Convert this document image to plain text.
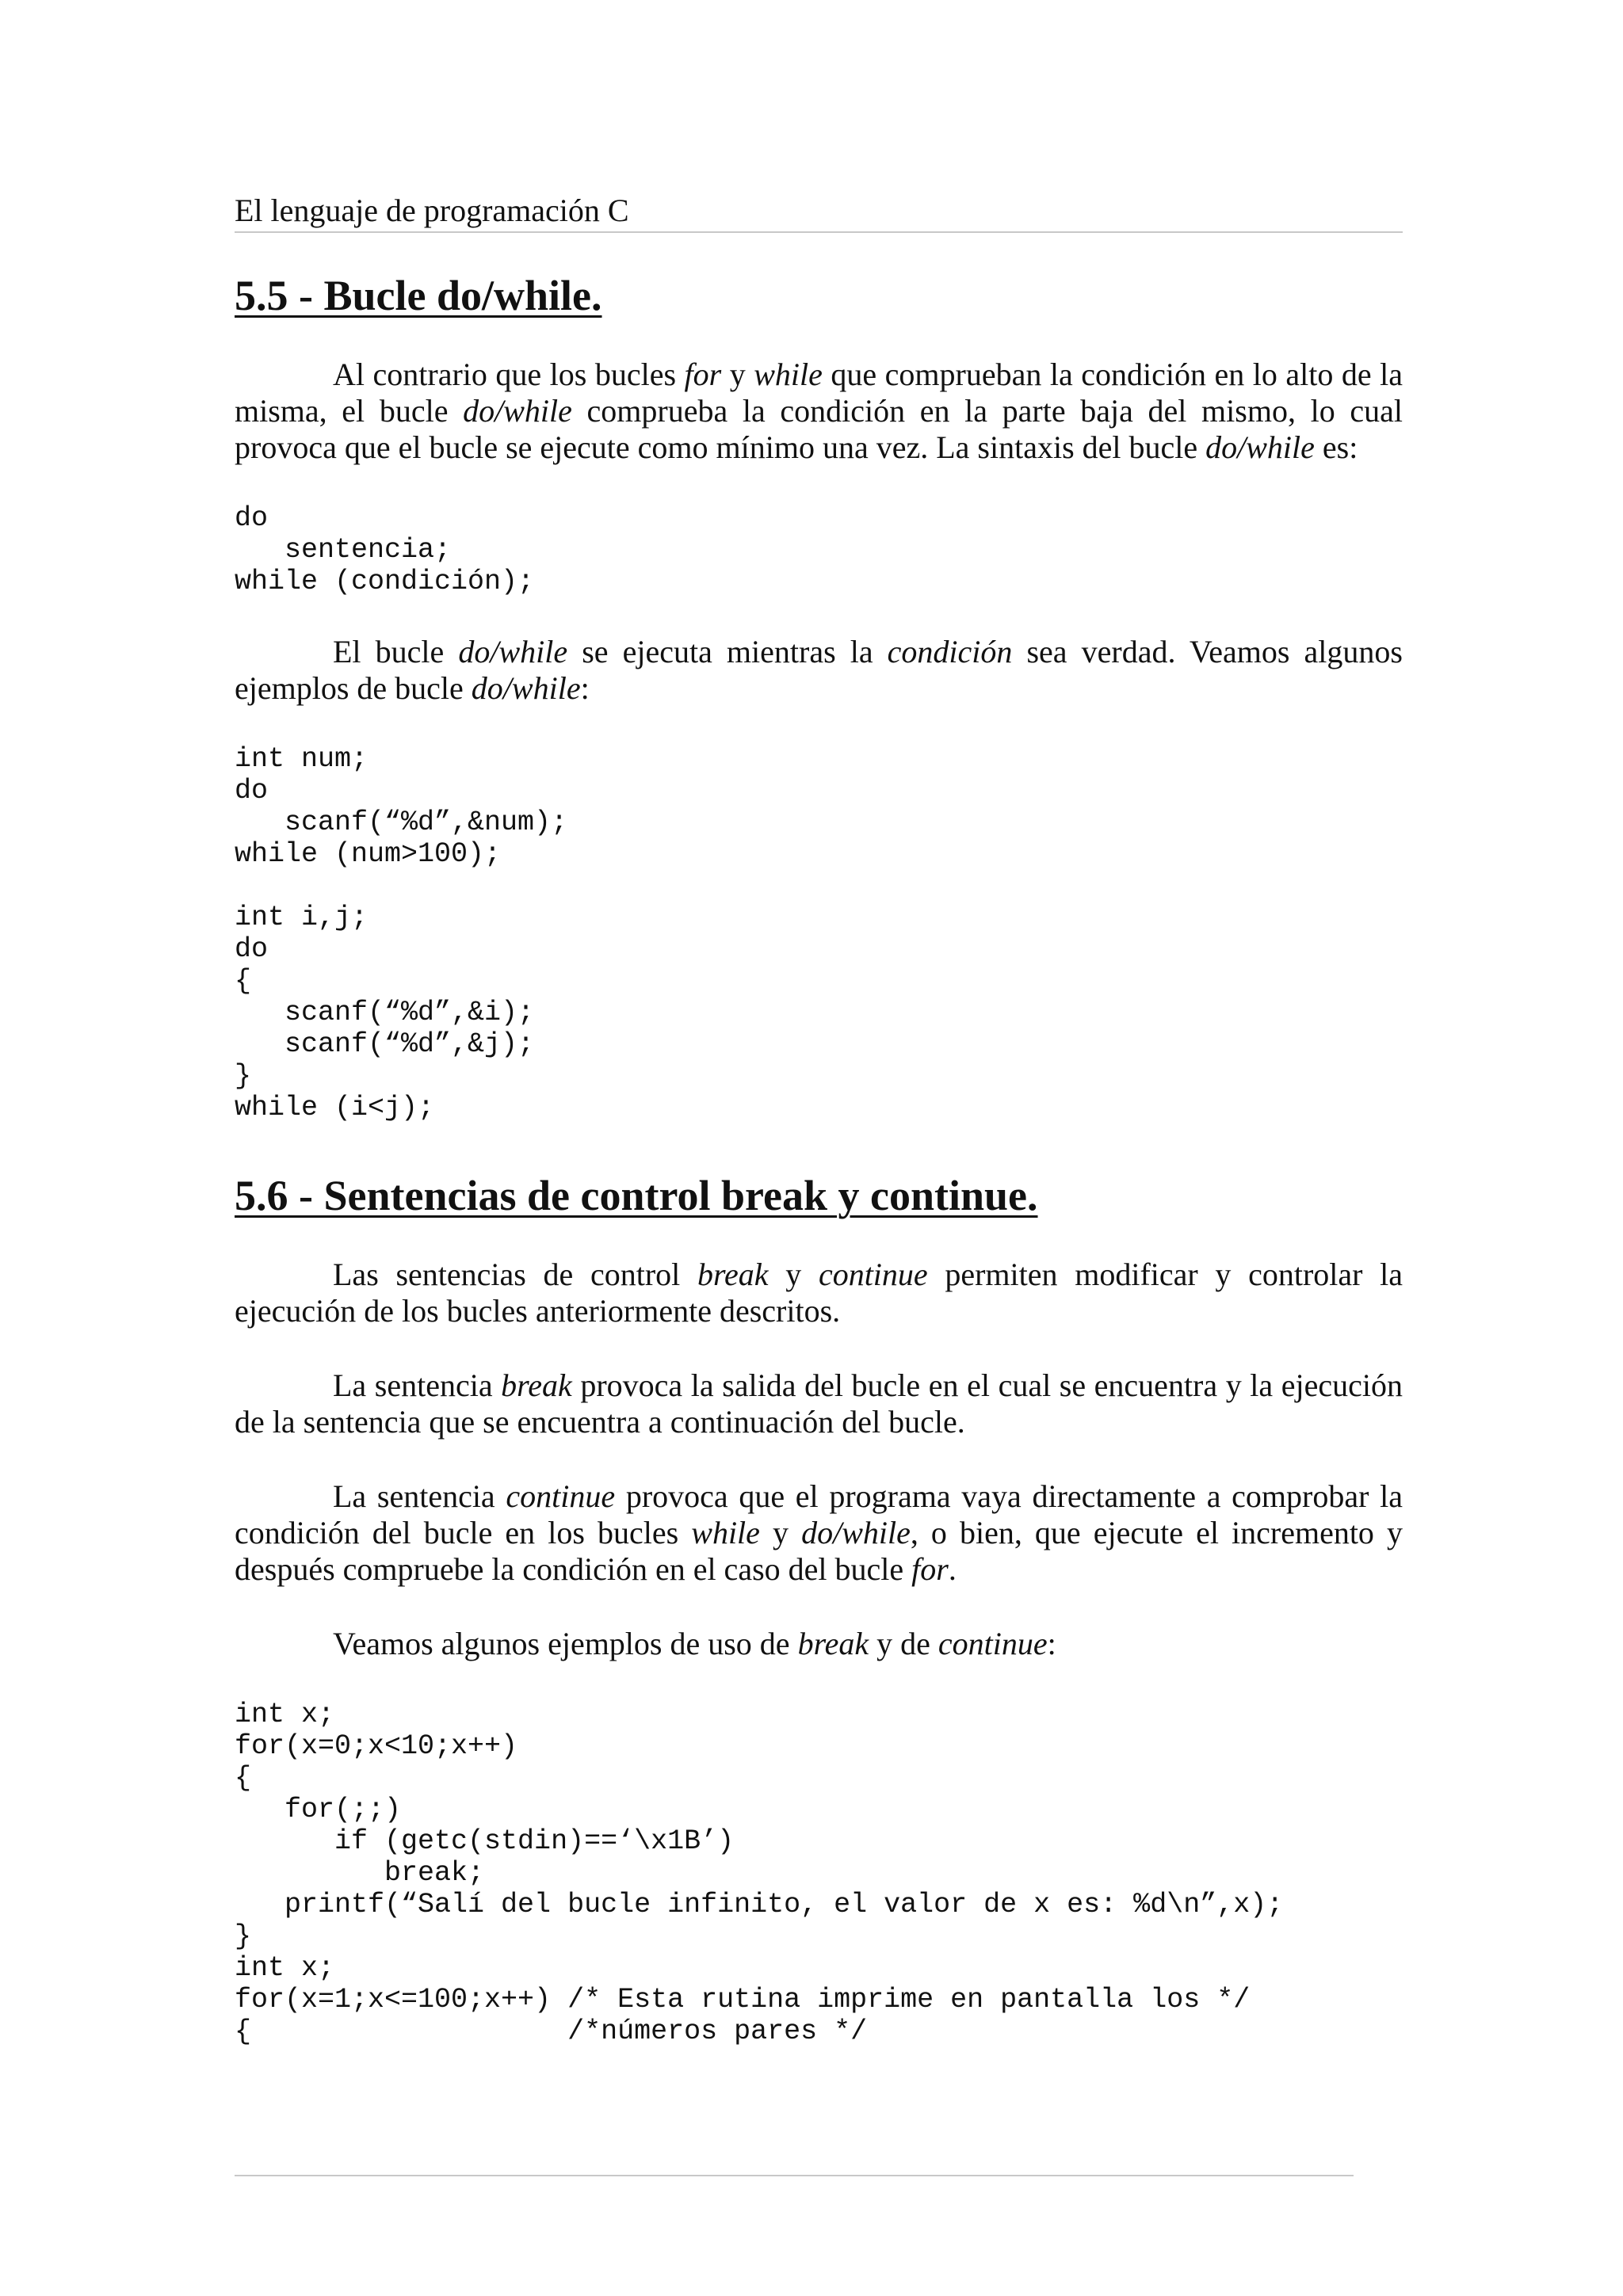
El lenguaje de programación C
5.5 - Bucle do/while.

Al contrario que los bucles for y while que comprueban la condición en lo alto de la misma, el bucle do/while comprueba la condición en la parte baja del mismo, lo cual provoca que el bucle se ejecute como mínimo una vez. La sintaxis del bucle do/while es:

do
sentencia;
while (condición);

El bucle do/while se ejecuta mientras la condición sea verdad. Veamos algunos ejemplos de bucle do/while:

int num;
do
scanf(“%d”,&num);
while (num>100);
int i,j;
do
{
scanf(“%d”,&i);
scanf(“%d”,&j);
}
while (i<j);
5.6 - Sentencias de control break y continue.

Las sentencias de control break y continue permiten modificar y controlar la ejecución de los bucles anteriormente descritos.

La sentencia break provoca la salida del bucle en el cual se encuentra y la ejecución de la sentencia que se encuentra a continuación del bucle.

La sentencia continue provoca que el programa vaya directamente a comprobar la condición del bucle en los bucles while y do/while, o bien, que ejecute el incremento y después compruebe la condición en el caso del bucle for.

Veamos algunos ejemplos de uso de break y de continue:

int x;
for(x=0;x<10;x++)
{
for(;;)
if (getc(stdin)==‘\x1B’)
break;
printf(“Salí del bucle infinito, el valor de x es: %d\n”,x);
}
int x;
for(x=1;x<=100;x++) /* Esta rutina imprime en pantalla los */
{                   /*números pares */
